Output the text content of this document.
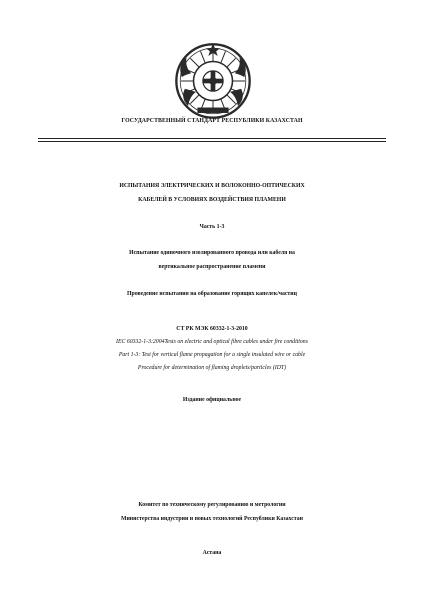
ГОСУДАРСТВЕННЫЙ СТАНДАРТ РЕСПУБЛИКИ КАЗАХСТАН
ИСПЫТАНИЯ ЭЛЕКТРИЧЕСКИХ И ВОЛОКОННО-ОПТИЧЕСКИХ
КАБЕЛЕЙ В УСЛОВИЯХ ВОЗДЕЙСТВИЯ ПЛАМЕНИ
Часть 1-3
Испытание одиночного изолированного провода или кабеля на
вертикальное распространение пламени
Проведение испытания на образование горящих капелек/частиц
СТ РК МЭК 60332-1-3-2010
IEC 60332-1-3:2004Tests on electric and optical fibre cables under fire conditions
Part 1-3: Test for vertical flame propagation for a single insulated wire or cable
Procedure for determination of flaming droplets/particles (IDT)
Издание официальное
Комитет по техническому регулированию и метрологии
Министерства индустрии и новых технологий Республики Казахстан
Астана
